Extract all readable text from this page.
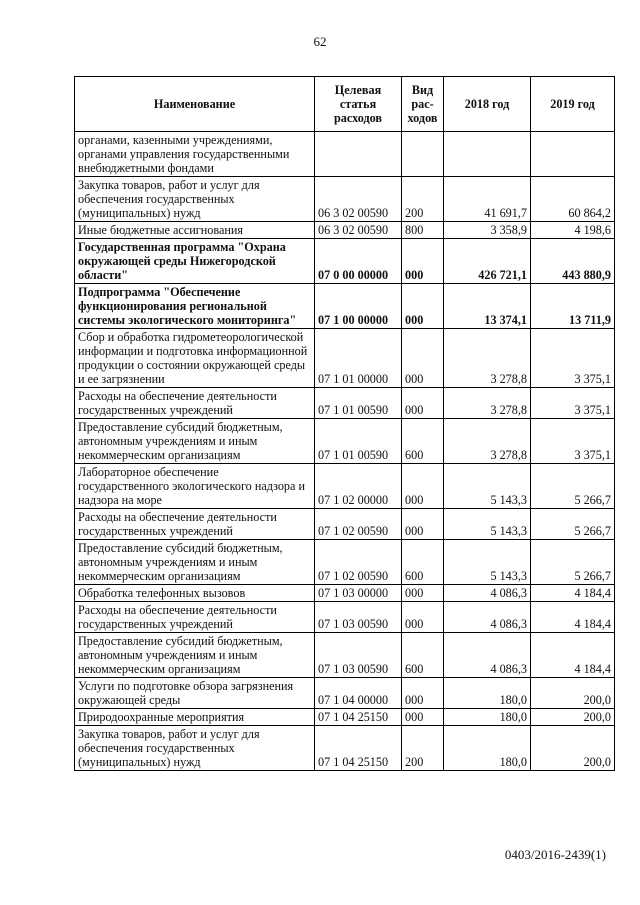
62
Наименование	Целевая статья расходов	Вид рас-ходов	2018 год	2019 год
органами, казенными учреждениями, органами управления государственными внебюджетными фондами				
Закупка товаров, работ и услуг для обеспечения государственных (муниципальных) нужд	06 3 02 00590	200	41 691,7	60 864,2
Иные бюджетные ассигнования	06 3 02 00590	800	3 358,9	4 198,6
Государственная программа "Охрана окружающей среды Нижегородской области"	07 0 00 00000	000	426 721,1	443 880,9
Подпрограмма "Обеспечение функционирования региональной системы экологического мониторинга"	07 1 00 00000	000	13 374,1	13 711,9
Сбор и обработка гидрометеорологической информации и подготовка информационной продукции о состоянии окружающей среды и ее загрязнении	07 1 01 00000	000	3 278,8	3 375,1
Расходы на обеспечение деятельности государственных учреждений	07 1 01 00590	000	3 278,8	3 375,1
Предоставление субсидий бюджетным, автономным учреждениям и иным некоммерческим организациям	07 1 01 00590	600	3 278,8	3 375,1
Лабораторное обеспечение государственного экологического надзора и надзора на море	07 1 02 00000	000	5 143,3	5 266,7
Расходы на обеспечение деятельности государственных учреждений	07 1 02 00590	000	5 143,3	5 266,7
Предоставление субсидий бюджетным, автономным учреждениям и иным некоммерческим организациям	07 1 02 00590	600	5 143,3	5 266,7
Обработка телефонных вызовов	07 1 03 00000	000	4 086,3	4 184,4
Расходы на обеспечение деятельности государственных учреждений	07 1 03 00590	000	4 086,3	4 184,4
Предоставление субсидий бюджетным, автономным учреждениям и иным некоммерческим организациям	07 1 03 00590	600	4 086,3	4 184,4
Услуги по подготовке обзора загрязнения окружающей среды	07 1 04 00000	000	180,0	200,0
Природоохранные мероприятия	07 1 04 25150	000	180,0	200,0
Закупка товаров, работ и услуг для обеспечения государственных (муниципальных) нужд	07 1 04 25150	200	180,0	200,0
0403/2016-2439(1)
